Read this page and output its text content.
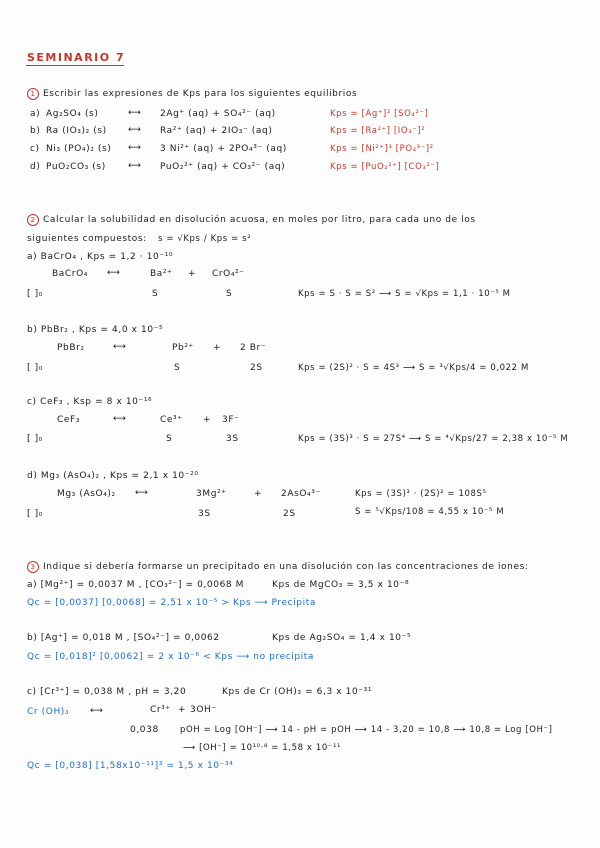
SEMINARIO 7
1 Escribir las expresiones de Kps para los siguientes equilibrios
a) Ag₂SO₄ (s)	⟷ 2Ag⁺ (aq) + SO₄²⁻ (aq)	Kps = [Ag⁺]² [SO₄²⁻]
b) Ra (IO₃)₂ (s) ⟷ Ra²⁺ (aq) + 2IO₃⁻ (aq)	Kps = [Ra²⁺] [IO₃⁻]²
c) Ni₃ (PO₄)₂ (s) ⟷ 3 Ni²⁺ (aq) + 2PO₄³⁻ (aq)	Kps = [Ni²⁺]³ [PO₄³⁻]²
d) PuO₂CO₃ (s) ⟷ PuO₂²⁺ (aq) + CO₃²⁻ (aq)	Kps = [PuO₂²⁺] [CO₃²⁻]
2 Calcular la solubilidad en disolución acuosa, en moles por litro, para cada uno de los
siguientes compuestos: s = √Kps / Kps = s²
a) BaCrO₄ , Kps = 1,2 · 10⁻¹⁰
BaCrO₄ ⟷	Ba²⁺ + CrO₄²⁻
[ ]₀	S	S	Kps = S · S = S² ⟶ S = √Kps = 1,1 · 10⁻⁵ M
b) PbBr₂ , Kps = 4,0 x 10⁻⁵
PbBr₂	⟷	Pb²⁺ + 2 Br⁻
[ ]₀	S	2S	Kps = (2S)² · S = 4S³ ⟶ S = ³√Kps/4 = 0,022 M
c) CeF₃ , Ksp = 8 x 10⁻¹⁶
CeF₃	⟷	Ce³⁺ + 3F⁻
[ ]₀	S	3S	Kps = (3S)³ · S = 27S⁴ ⟶ S = ⁴√Kps/27 = 2,38 x 10⁻⁵ M
d) Mg₃ (AsO₄)₂ , Kps = 2,1 x 10⁻²⁰
Mg₃ (AsO₄)₂ ⟷	3Mg²⁺	+ 2AsO₄³⁻
[ ]₀	3S	2S
Kps = (3S)³ · (2S)² = 108S⁵
S = ⁵√Kps/108 = 4,55 x 10⁻⁵ M
3 Indique si debería formarse un precipitado en una disolución con las concentraciones de iones:
a) [Mg²⁺] = 0,0037 M , [CO₃²⁻] = 0,0068 M	Kps de MgCO₃ = 3,5 x 10⁻⁸
Qc = [0,0037] [0,0068] = 2,51 x 10⁻⁵ > Kps ⟶ Precipita
b) [Ag⁺] = 0,018 M , [SO₄²⁻] = 0,0062	Kps de Ag₂SO₄ = 1,4 x 10⁻⁵
Qc = [0,018]² [0,0062] = 2 x 10⁻⁶ < Kps ⟶ no precipita
c) [Cr³⁺] = 0,038 M , pH = 3,20	Kps de Cr (OH)₃ = 6,3 x 10⁻³¹
Cr (OH)₃ ⟷	Cr³⁺ + 3OH⁻
0,038 pOH = Log [OH⁻] ⟶ 14 - pH = pOH ⟶ 14 - 3,20 = 10,8 ⟶ 10,8 = Log [OH⁻]
⟶ [OH⁻] = 10¹⁰·⁸ = 1,58 x 10⁻¹¹
Qc = [0,038] [1,58x10⁻¹¹]³ = 1,5 x 10⁻³⁴
